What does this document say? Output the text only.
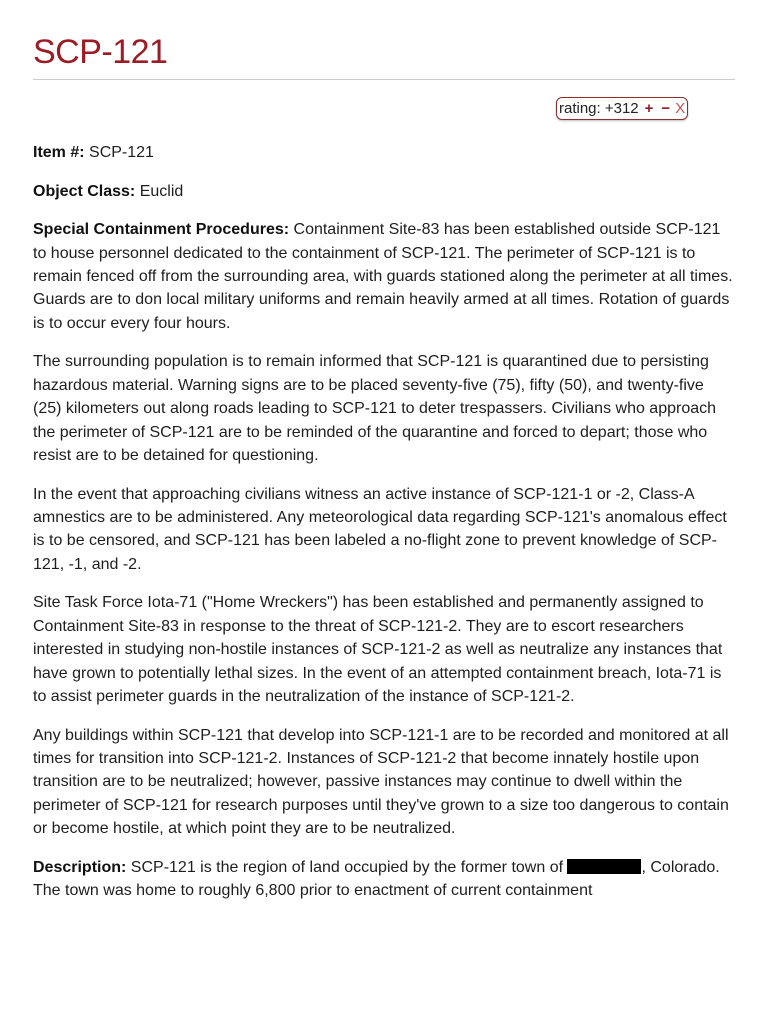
SCP-121
rating: +312 + − X

Item #: SCP-121

Object Class: Euclid

Special Containment Procedures: Containment Site-83 has been established outside SCP-121 to house personnel dedicated to the containment of SCP-121. The perimeter of SCP-121 is to remain fenced off from the surrounding area, with guards stationed along the perimeter at all times. Guards are to don local military uniforms and remain heavily armed at all times. Rotation of guards is to occur every four hours.

The surrounding population is to remain informed that SCP-121 is quarantined due to persisting hazardous material. Warning signs are to be placed seventy-five (75), fifty (50), and twenty-five (25) kilometers out along roads leading to SCP-121 to deter trespassers. Civilians who approach the perimeter of SCP-121 are to be reminded of the quarantine and forced to depart; those who resist are to be detained for questioning.

In the event that approaching civilians witness an active instance of SCP-121-1 or -2, Class-A amnestics are to be administered. Any meteorological data regarding SCP-121's anomalous effect is to be censored, and SCP-121 has been labeled a no-flight zone to prevent knowledge of SCP-121, -1, and -2.

Site Task Force Iota-71 ("Home Wreckers") has been established and permanently assigned to Containment Site-83 in response to the threat of SCP-121-2. They are to escort researchers interested in studying non-hostile instances of SCP-121-2 as well as neutralize any instances that have grown to potentially lethal sizes. In the event of an attempted containment breach, Iota-71 is to assist perimeter guards in the neutralization of the instance of SCP-121-2.

Any buildings within SCP-121 that develop into SCP-121-1 are to be recorded and monitored at all times for transition into SCP-121-2. Instances of SCP-121-2 that become innately hostile upon transition are to be neutralized; however, passive instances may continue to dwell within the perimeter of SCP-121 for research purposes until they've grown to a size too dangerous to contain or become hostile, at which point they are to be neutralized.

Description: SCP-121 is the region of land occupied by the former town of	, Colorado. The town was home to roughly 6,800 prior to enactment of current containment
